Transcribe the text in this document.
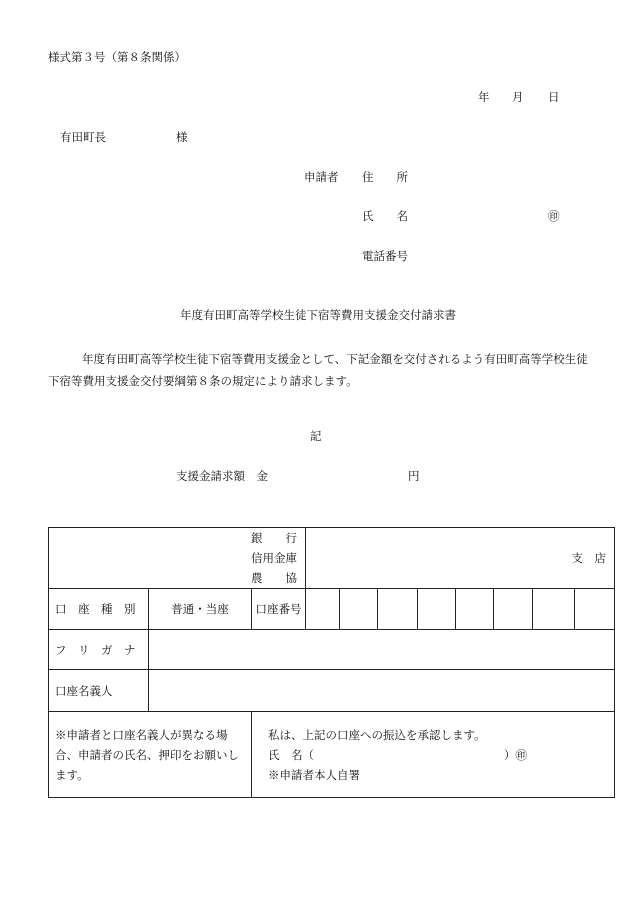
様式第３号（第８条関係）
年 月 日
有田町長	様
申請者 住　　所
氏　　名	㊞
電話番号
年度有田町高等学校生徒下宿等費用支援金交付請求書
年度有田町高等学校生徒下宿等費用支援金として、下記金額を交付されるよう有田町高等学校生徒下宿等費用支援金交付要綱第８条の規定により請求します。
記
支援金請求額　金	円
銀　　行
信用金庫
農　　協			支　店							
口　座　種　別	普通・当座	口座番号								
フ　リ　ガ　ナ										
口座名義人										
※申請者と口座名義人が異なる場合、申請者の氏名、押印をお願いします。		私は、上記の口座への振込を承認します。
氏　名（ ）㊞
※申請者本人自署								
